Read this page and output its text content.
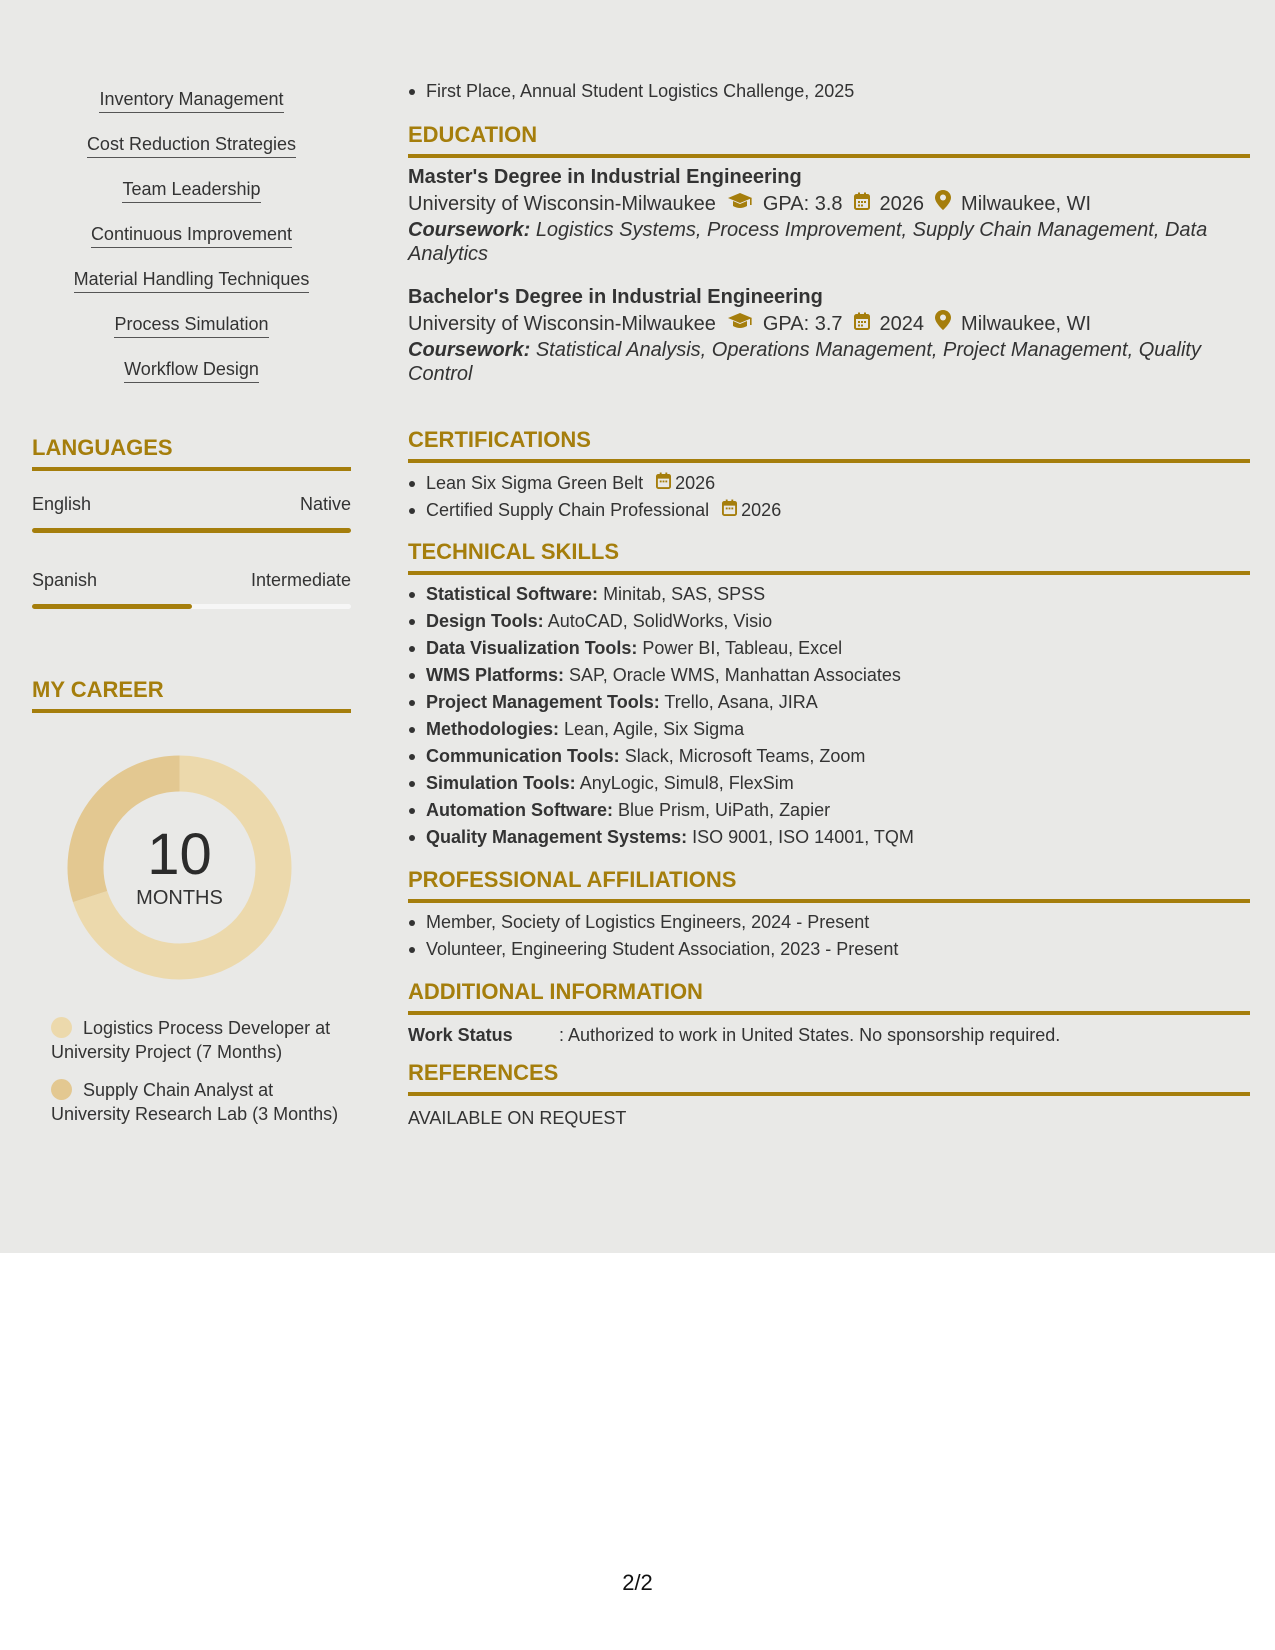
Inventory Management
Cost Reduction Strategies
Team Leadership
Continuous Improvement
Material Handling Techniques
Process Simulation
Workflow Design
LANGUAGES
English	Native
Spanish	Intermediate
MY CAREER
10
MONTHS
Logistics Process Developer at University Project (7 Months)
Supply Chain Analyst at University Research Lab (3 Months)
First Place, Annual Student Logistics Challenge, 2025
EDUCATION
Master's Degree in Industrial Engineering
University of Wisconsin-Milwaukee GPA: 3.8 2026 Milwaukee, WI
Coursework: Logistics Systems, Process Improvement, Supply Chain Management, Data Analytics
Bachelor's Degree in Industrial Engineering
University of Wisconsin-Milwaukee GPA: 3.7 2024 Milwaukee, WI
Coursework: Statistical Analysis, Operations Management, Project Management, Quality Control
CERTIFICATIONS
Lean Six Sigma Green Belt 2026
Certified Supply Chain Professional 2026
TECHNICAL SKILLS
Statistical Software: Minitab, SAS, SPSS
Design Tools: AutoCAD, SolidWorks, Visio
Data Visualization Tools: Power BI, Tableau, Excel
WMS Platforms: SAP, Oracle WMS, Manhattan Associates
Project Management Tools: Trello, Asana, JIRA
Methodologies: Lean, Agile, Six Sigma
Communication Tools: Slack, Microsoft Teams, Zoom
Simulation Tools: AnyLogic, Simul8, FlexSim
Automation Software: Blue Prism, UiPath, Zapier
Quality Management Systems: ISO 9001, ISO 14001, TQM
PROFESSIONAL AFFILIATIONS
Member, Society of Logistics Engineers, 2024 - Present
Volunteer, Engineering Student Association, 2023 - Present
ADDITIONAL INFORMATION
Work Status	: Authorized to work in United States. No sponsorship required.
REFERENCES
AVAILABLE ON REQUEST
2/2
